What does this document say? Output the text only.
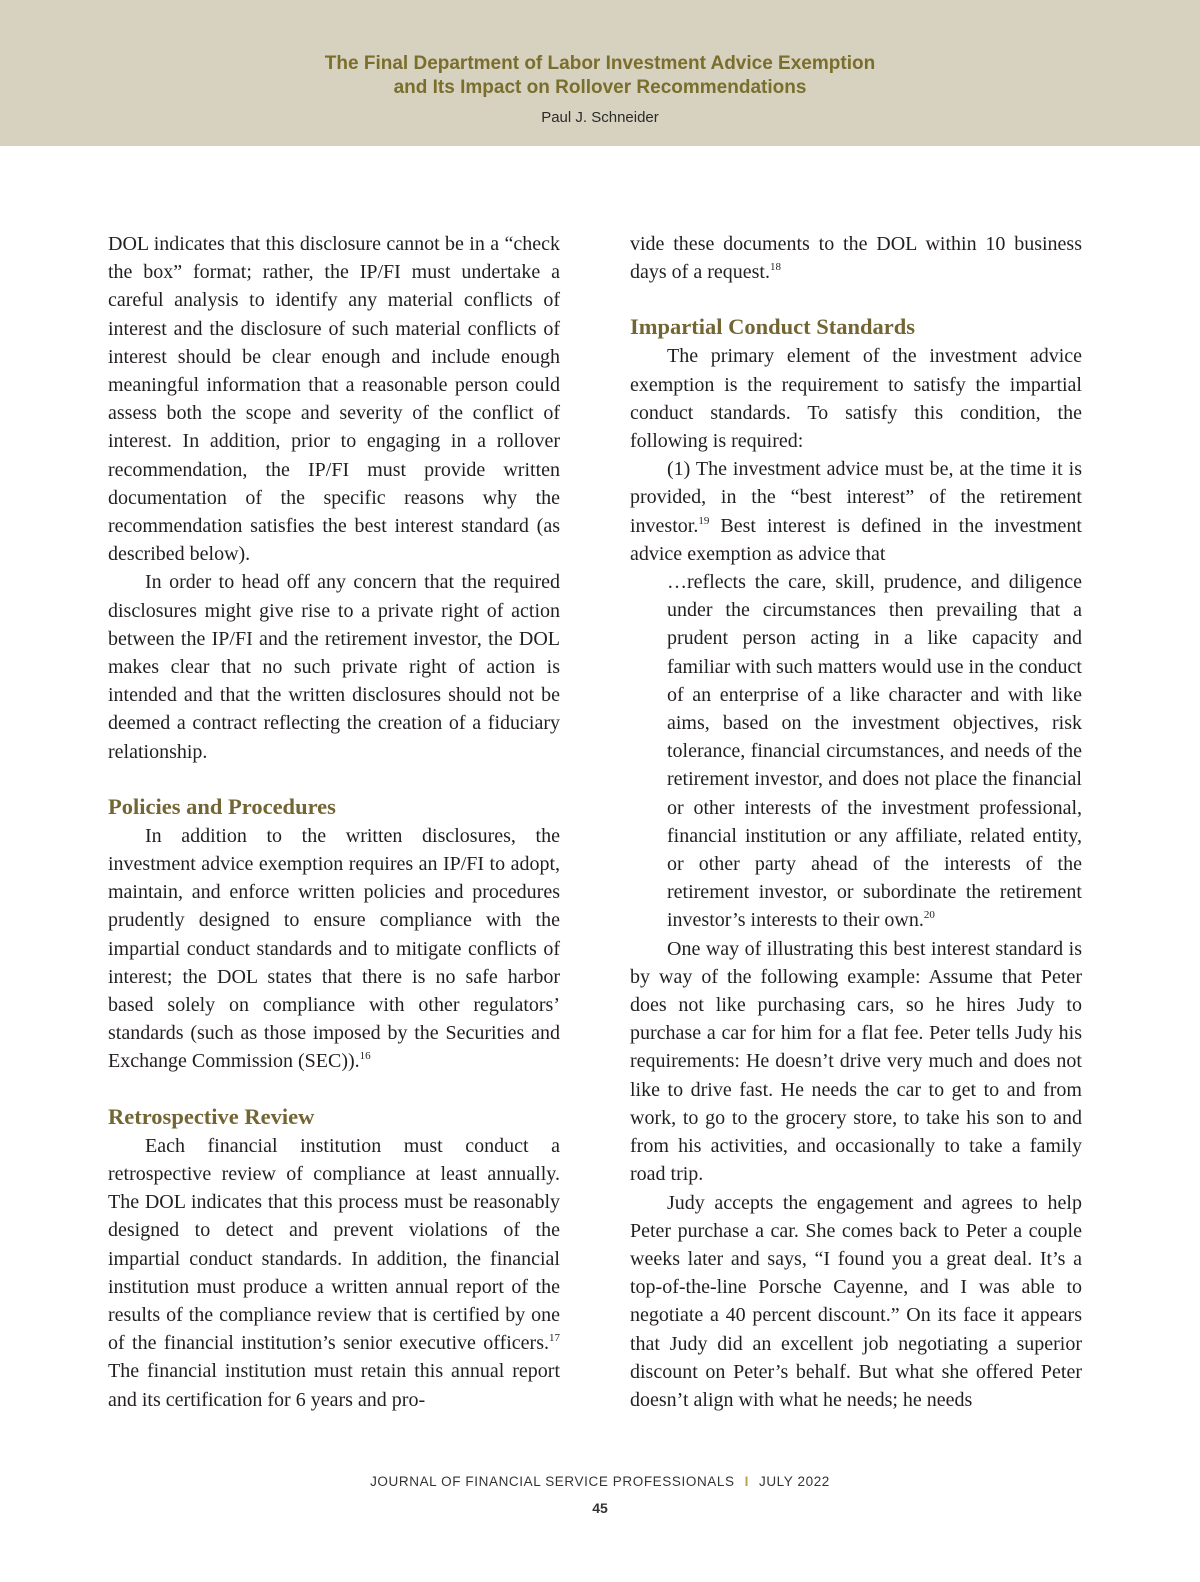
The Final Department of Labor Investment Advice Exemption
and Its Impact on Rollover Recommendations
Paul J. Schneider

DOL indicates that this disclosure cannot be in a “check the box” format; rather, the IP/FI must undertake a careful analysis to identify any material conflicts of interest and the disclosure of such material conflicts of interest should be clear enough and include enough meaningful information that a reasonable person could assess both the scope and severity of the conflict of interest. In addition, prior to engaging in a rollover recommendation, the IP/FI must provide written documentation of the specific reasons why the recommendation satisfies the best interest standard (as described below).

In order to head off any concern that the required disclosures might give rise to a private right of action between the IP/FI and the retirement investor, the DOL makes clear that no such private right of action is intended and that the written disclosures should not be deemed a contract reflecting the creation of a fiduciary relationship.

Policies and Procedures

In addition to the written disclosures, the investment advice exemption requires an IP/FI to adopt, maintain, and enforce written policies and procedures prudently designed to ensure compliance with the impartial conduct standards and to mitigate conflicts of interest; the DOL states that there is no safe harbor based solely on compliance with other regulators’ standards (such as those imposed by the Securities and Exchange Commission (SEC)).$^{16}$

Retrospective Review

Each financial institution must conduct a retrospective review of compliance at least annually. The DOL indicates that this process must be reasonably designed to detect and prevent violations of the impartial conduct standards. In addition, the financial institution must produce a written annual report of the results of the compliance review that is certified by one of the financial institution’s senior executive officers.$^{17}$ The financial institution must retain this annual report and its certification for 6 years and pro-

vide these documents to the DOL within 10 business days of a request.$^{18}$

Impartial Conduct Standards

The primary element of the investment advice exemption is the requirement to satisfy the impartial conduct standards. To satisfy this condition, the following is required:

(1) The investment advice must be, at the time it is provided, in the “best interest” of the retirement investor.$^{19}$ Best interest is defined in the investment advice exemption as advice that

…reflects the care, skill, prudence, and diligence under the circumstances then prevailing that a prudent person acting in a like capacity and familiar with such matters would use in the conduct of an enterprise of a like character and with like aims, based on the investment objectives, risk tolerance, financial circumstances, and needs of the retirement investor, and does not place the financial or other interests of the investment professional, financial institution or any affiliate, related entity, or other party ahead of the interests of the retirement investor, or subordinate the retirement investor’s interests to their own.$^{20}$

One way of illustrating this best interest standard is by way of the following example: Assume that Peter does not like purchasing cars, so he hires Judy to purchase a car for him for a flat fee. Peter tells Judy his requirements: He doesn’t drive very much and does not like to drive fast. He needs the car to get to and from work, to go to the grocery store, to take his son to and from his activities, and occasionally to take a family road trip.

Judy accepts the engagement and agrees to help Peter purchase a car. She comes back to Peter a couple weeks later and says, “I found you a great deal. It’s a top-of-the-line Porsche Cayenne, and I was able to negotiate a 40 percent discount.” On its face it appears that Judy did an excellent job negotiating a superior discount on Peter’s behalf. But what she offered Peter doesn’t align with what he needs; he needs

JOURNAL OF FINANCIAL SERVICE PROFESSIONALS I JULY 2022
45
